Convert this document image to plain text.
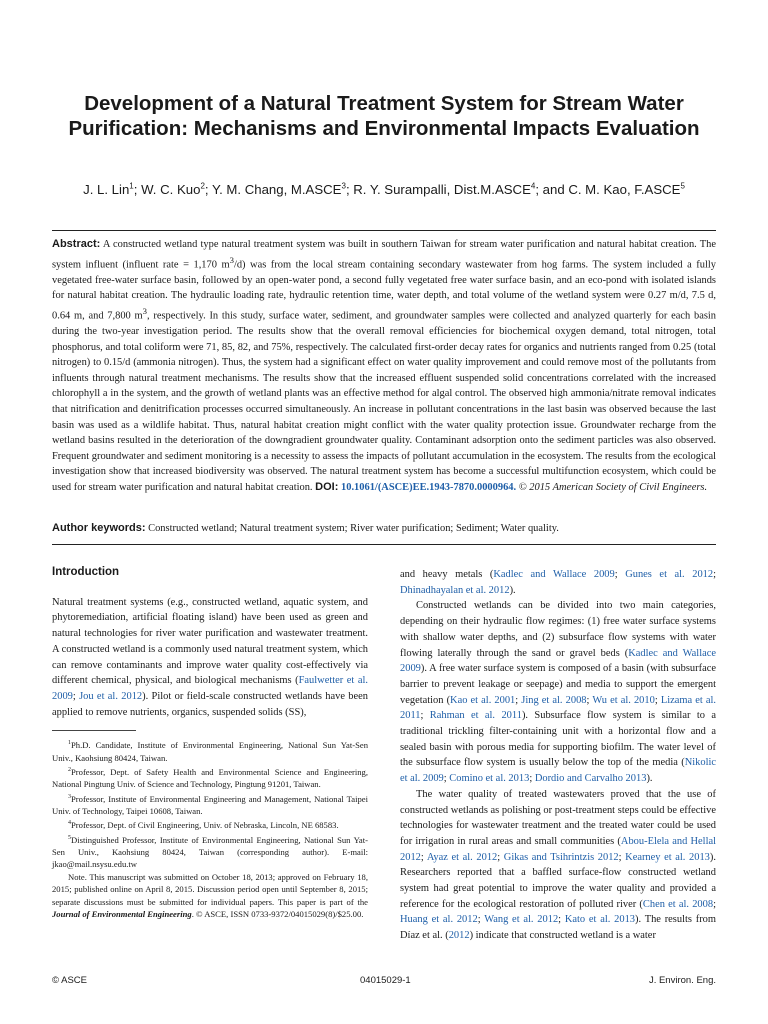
Development of a Natural Treatment System for Stream Water Purification: Mechanisms and Environmental Impacts Evaluation

J. L. Lin$^1$; W. C. Kuo$^2$; Y. M. Chang, M.ASCE$^3$; R. Y. Surampalli, Dist.M.ASCE$^4$; and C. M. Kao, F.ASCE$^5$

Abstract: A constructed wetland type natural treatment system was built in southern Taiwan for stream water purification and natural habitat creation. The system influent (influent rate = 1,170 $m^3/d$) was from the local stream containing secondary wastewater from hog farms. The system included a fully vegetated free-water surface basin, followed by an open-water pond, a second fully vegetated free water surface basin, and an eco-pond with isolated islands for natural habitat creation. The hydraulic loading rate, hydraulic retention time, water depth, and total volume of the wetland system were 0.27 m/d, 7.5 d, 0.64 m, and 7,800 $m^3$, respectively. In this study, surface water, sediment, and groundwater samples were collected and analyzed quarterly for each basin during the two-year investigation period. The results show that the overall removal efficiencies for biochemical oxygen demand, total nitrogen, total phosphorus, and total coliform were 71, 85, 82, and 75%, respectively. The calculated first-order decay rates for organics and nutrients ranged from 0.25 (total nitrogen) to 0.15/d (ammonia nitrogen). Thus, the system had a significant effect on water quality improvement and could remove most of the pollutants from influents through natural treatment mechanisms. The results show that the increased effluent suspended solid concentrations correlated with the increased chlorophyll a in the system, and the growth of wetland plants was an effective method for algal control. The observed high ammonia/nitrate removal indicates that nitrification and denitrification processes occurred simultaneously. An increase in pollutant concentrations in the last basin was observed because the last basin was used as a wildlife habitat. Thus, natural habitat creation might conflict with the water quality protection issue. Groundwater recharge from the wetland basins resulted in the deterioration of the downgradient groundwater quality. Contaminant adsorption onto the sediment particles was also observed. Frequent groundwater and sediment monitoring is a necessity to assess the impacts of pollutant accumulation in the ecosystem. The results from the ecological investigation show that increased biodiversity was observed. The natural treatment system has become a successful multifunction ecosystem, which could be used for stream water purification and natural habitat creation. DOI: 10.1061/(ASCE)EE.1943-7870.0000964. © 2015 American Society of Civil Engineers.

Author keywords: Constructed wetland; Natural treatment system; River water purification; Sediment; Water quality.

Introduction

Natural treatment systems (e.g., constructed wetland, aquatic system, and phytoremediation, artificial floating island) have been used as green and natural technologies for river water purification and wastewater treatment. A constructed wetland is a commonly used natural treatment system, which can remove contaminants and improve water quality cost-effectively via different chemical, physical, and biological mechanisms (Faulwetter et al. 2009; Jou et al. 2012). Pilot or field-scale constructed wetlands have been applied to remove nutrients, organics, suspended solids (SS),

$^1$Ph.D. Candidate, Institute of Environmental Engineering, National Sun Yat-Sen Univ., Kaohsiung 80424, Taiwan.

$^2$Professor, Dept. of Safety Health and Environmental Science and Engineering, National Pingtung Univ. of Science and Technology, Pingtung 91201, Taiwan.

$^3$Professor, Institute of Environmental Engineering and Management, National Taipei Univ. of Technology, Taipei 10608, Taiwan.

$^4$Professor, Dept. of Civil Engineering, Univ. of Nebraska, Lincoln, NE 68583.

$^5$Distinguished Professor, Institute of Environmental Engineering, National Sun Yat-Sen Univ., Kaohsiung 80424, Taiwan (corresponding author). E-mail: jkao@mail.nsysu.edu.tw

Note. This manuscript was submitted on October 18, 2013; approved on February 18, 2015; published online on April 8, 2015. Discussion period open until September 8, 2015; separate discussions must be submitted for individual papers. This paper is part of the Journal of Environmental Engineering. © ASCE, ISSN 0733-9372/04015029(8)/$25.00.

and heavy metals (Kadlec and Wallace 2009; Gunes et al. 2012; Dhinadhayalan et al. 2012).

Constructed wetlands can be divided into two main categories, depending on their hydraulic flow regimes: (1) free water surface systems with shallow water depths, and (2) subsurface flow systems with water flowing laterally through the sand or gravel beds (Kadlec and Wallace 2009). A free water surface system is composed of a basin (with subsurface barrier to prevent leakage or seepage) and media to support the emergent vegetation (Kao et al. 2001; Jing et al. 2008; Wu et al. 2010; Lizama et al. 2011; Rahman et al. 2011). Subsurface flow system is similar to a traditional trickling filter-containing unit with a horizontal flow and a sealed basin with porous media for supporting biofilm. The water level of the subsurface flow system is usually below the top of the media (Nikolic et al. 2009; Comino et al. 2013; Dordio and Carvalho 2013).

The water quality of treated wastewaters proved that the use of constructed wetlands as polishing or post-treatment steps could be effective technologies for wastewater treatment and the treated water could be used for irrigation in rural areas and small communities (Abou-Elela and Hellal 2012; Ayaz et al. 2012; Gikas and Tsihrintzis 2012; Kearney et al. 2013). Researchers reported that a baffled surface-flow constructed wetland system had great potential to improve the water quality and provided a reference for the ecological restoration of polluted river (Chen et al. 2008; Huang et al. 2012; Wang et al. 2012; Kato et al. 2013). The results from Díaz et al. (2012) indicate that constructed wetland is a water

© ASCE	04015029-1	J. Environ. Eng.
